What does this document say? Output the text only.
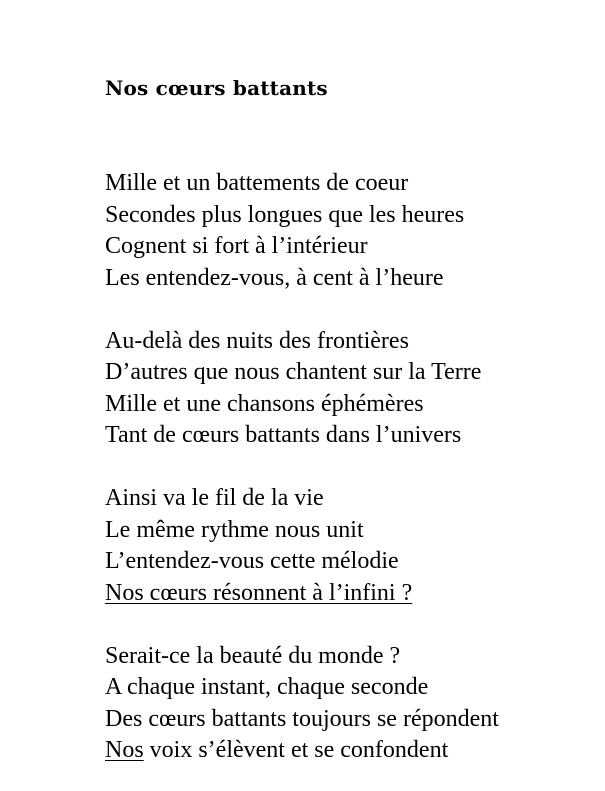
Nos cœurs battants
Mille et un battements de coeur
Secondes plus longues que les heures
Cognent si fort à l’intérieur
Les entendez-vous, à cent à l’heure
Au-delà des nuits des frontières
D’autres que nous chantent sur la Terre
Mille et une chansons éphémères
Tant de cœurs battants dans l’univers
Ainsi va le fil de la vie
Le même rythme nous unit
L’entendez-vous cette mélodie
Nos cœurs résonnent à l’infini ?
Serait-ce la beauté du monde ?
A chaque instant, chaque seconde
Des cœurs battants toujours se répondent
Nos voix s’élèvent et se confondent
